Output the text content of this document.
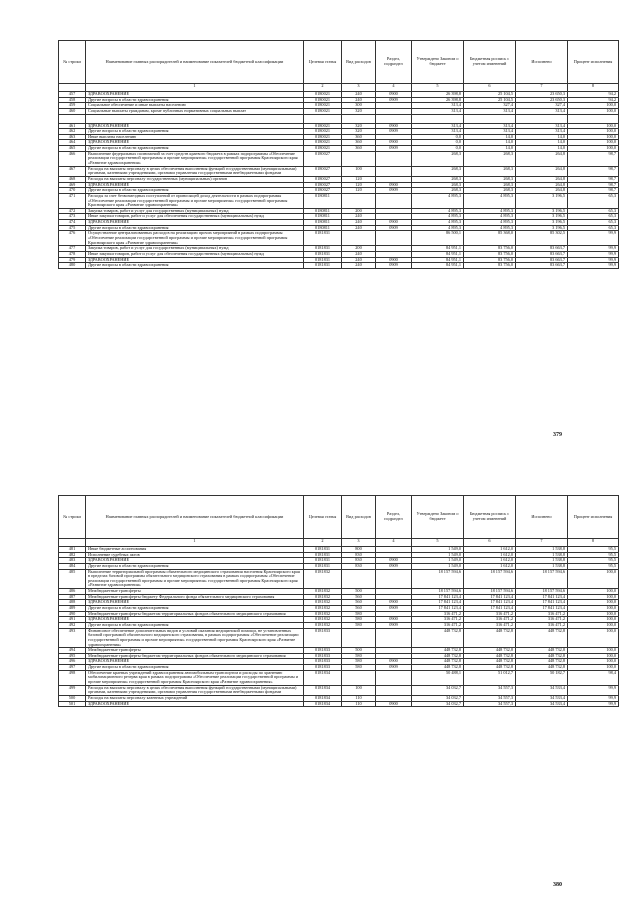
№ строки	Наименование главных распорядителей и наименование показателей бюджетной классификации	Целевая статья	Вид расходов	Раздел, подраздел	Утверждено Законом о бюджете	Бюджетная роспись с учетом изменений	Исполнено	Процент исполнения
	1	2	3	4	5	6	7	8
457	ЗДРАВООХРАНЕНИЕ	0180021	240	0900	26 398,8	25 104,5	23 650,3	94,2
458	Другие вопросы в области здравоохранения	0180021	240	0909	26 398,8	25 104,5	23 650,3	94,2
459	Социальное обеспечение и иные выплаты населению	0180021	300		313,4	327,4	327,4	100,0
460	Социальные выплаты гражданам, кроме публичных нормативных социальных выплат	0180021	320		313,4	313,4	313,4	100,0

461	ЗДРАВООХРАНЕНИЕ	0180021	320	0900	313,4	313,4	313,4	100,0
462	Другие вопросы в области здравоохранения	0180021	320	0909	313,4	313,4	313,4	100,0
463	Иные выплаты населению	0180021	360		0,0	14,0	14,0	100,0
464	ЗДРАВООХРАНЕНИЕ	0180021	360	0900	0,0	14,0	14,0	100,0
465	Другие вопросы в области здравоохранения	0180021	360	0909	0,0	14,0	14,0	100,0
466	Выполнение федеральных полномочий за счет средств краевого бюджета в рамках подпрограммы «Обеспечение реализации государственной программы и прочие мероприятия» государственной программы Красноярского края «Развитие здравоохранения»	0180027			268,3	268,3	264,8	98,7
467	Расходы на выплаты персоналу в целях обеспечения выполнения функций государственными (муниципальными) органами, казенными учреждениями, органами управления государственными внебюджетными фондами	0180027	100		268,3	268,3	264,8	98,7
468	Расходы на выплаты персоналу государственных (муниципальных) органов	0180027	120		268,3	268,3	264,8	98,7
469	ЗДРАВООХРАНЕНИЕ	0180027	120	0900	268,3	268,3	264,8	98,7
470	Другие вопросы в области здравоохранения	0180027	120	0909	268,3	268,3	264,8	98,7
471	Расходы за счет безвозмездных поступлений от приносящей доход деятельности в рамках подпрограммы «Обеспечение реализации государственной программы и прочие мероприятия» государственной программы Красноярского края «Развитие здравоохранения»	0180811			4 895,3	4 895,3	3 196,5	65,3
472	Закупка товаров, работ и услуг для государственных (муниципальных) нужд	0180811	200		4 895,3	4 895,3	3 196,5	65,3
473	Иные закупки товаров, работ и услуг для обеспечения государственных (муниципальных) нужд	0180811	240		4 895,3	4 895,3	3 196,5	65,3
474	ЗДРАВООХРАНЕНИЕ	0180811	240	0900	4 895,3	4 895,3	3 196,5	65,3
475	Другие вопросы в области здравоохранения	0180811	240	0909	4 895,3	4 895,3	3 196,5	65,3
476	Осуществление централизованных расходов на реализацию прочих мероприятий в рамках подпрограммы «Обеспечение реализации государственной программы и прочие мероприятия» государственной программы Красноярского края «Развитие здравоохранения»	0181831			86 500,1	85 368,0	85 302,5	99,9
477	Закупка товаров, работ и услуг для государственных (муниципальных) нужд	0181831	200		84 951,1	83 756,0	83 663,7	99,9
478	Иные закупки товаров, работ и услуг для обеспечения государственных (муниципальных) нужд	0181831	240		84 951,1	83 756,0	83 663,7	99,9
479	ЗДРАВООХРАНЕНИЕ	0181831	240	0900	84 951,1	83 756,0	83 663,7	99,9
480	Другие вопросы в области здравоохранения	0181831	240	0909	84 951,1	83 756,0	83 663,7	99,9
379
№ строки	Наименование главных распорядителей и наименование показателей бюджетной классификации	Целевая статья	Вид расходов	Раздел, подраздел	Утверждено Законом о бюджете	Бюджетная роспись с учетом изменений	Исполнено	Процент исполнения
	1	2	3	4	5	6	7	8
481	Иные бюджетные ассигнования	0181831	800		1 549,0	1 612,0	1 538,8	95,5
482	Исполнение судебных актов	0181831	830		1 549,0	1 612,0	1 538,8	95,5
483	ЗДРАВООХРАНЕНИЕ	0181831	830	0900	1 549,0	1 612,0	1 538,8	95,5
484	Другие вопросы в области здравоохранения	0181831	830	0909	1 549,0	1 612,0	1 538,8	95,5
485	Выполнение территориальной программы обязательного медицинского страхования населения Красноярского края в пределах базовой программы обязательного медицинского страхования в рамках подпрограммы «Обеспечение реализации государственной программы и прочие мероприятия» государственной программы Красноярского края «Развитие здравоохранения»	0181832			18 157 594,6	18 157 594,6	18 157 594,6	100,0
486	Межбюджетные трансферты	0181832	500		18 157 594,6	18 157 594,6	18 157 594,6	100,0
487	Межбюджетные трансферты бюджету Федерального фонда обязательного медицинского страхования	0181832	560		17 841 123,4	17 841 123,4	17 841 123,4	100,0
488	ЗДРАВООХРАНЕНИЕ	0181832	560	0900	17 841 123,4	17 841 123,4	17 841 123,4	100,0
489	Другие вопросы в области здравоохранения	0181832	560	0909	17 841 123,4	17 841 123,4	17 841 123,4	100,0
490	Межбюджетные трансферты бюджетам территориальных фондов обязательного медицинского страхования	0181832	580		316 471,2	316 471,2	316 471,2	100,0
491	ЗДРАВООХРАНЕНИЕ	0181832	580	0900	316 471,2	316 471,2	316 471,2	100,0
492	Другие вопросы в области здравоохранения	0181832	580	0909	316 471,2	316 471,2	316 471,2	100,0
493	Финансовое обеспечение дополнительных видов и условий оказания медицинской помощи, не установленных базовой программой обязательного медицинского страхования, в рамках подпрограммы «Обеспечение реализации государственной программы и прочие мероприятия» государственной программы Красноярского края «Развитие здравоохранения»	0181833			448 732,8	448 732,8	448 732,8	100,0
494	Межбюджетные трансферты	0181833	500		448 732,8	448 732,8	448 732,8	100,0
495	Межбюджетные трансферты бюджетам территориальных фондов обязательного медицинского страхования	0181833	580		448 732,8	448 732,8	448 732,8	100,0
496	ЗДРАВООХРАНЕНИЕ	0181833	580	0900	448 732,8	448 732,8	448 732,8	100,0
497	Другие вопросы в области здравоохранения	0181833	580	0909	448 732,8	448 732,8	448 732,8	100,0
498	Обеспечение краевых учреждений здравоохранения автомобильным транспортом и расходы по хранению мобилизационного резерва края в рамках подпрограммы «Обеспечение реализации государственной программы и прочие мероприятия» государственной программы Красноярского края «Развитие здравоохранения»	0181834			50 488,1	51 012,7	50 182,7	98,4
499	Расходы на выплаты персоналу в целях обеспечения выполнения функций государственными (муниципальными) органами, казенными учреждениями, органами управления государственными внебюджетными фондами	0181834	100		34 032,7	34 557,3	34 533,4	99,9
500	Расходы на выплаты персоналу казенных учреждений	0181834	110		34 032,7	34 557,3	34 533,4	99,9
501	ЗДРАВООХРАНЕНИЕ	0181834	110	0900	34 032,7	34 557,3	34 533,4	99,9
380
